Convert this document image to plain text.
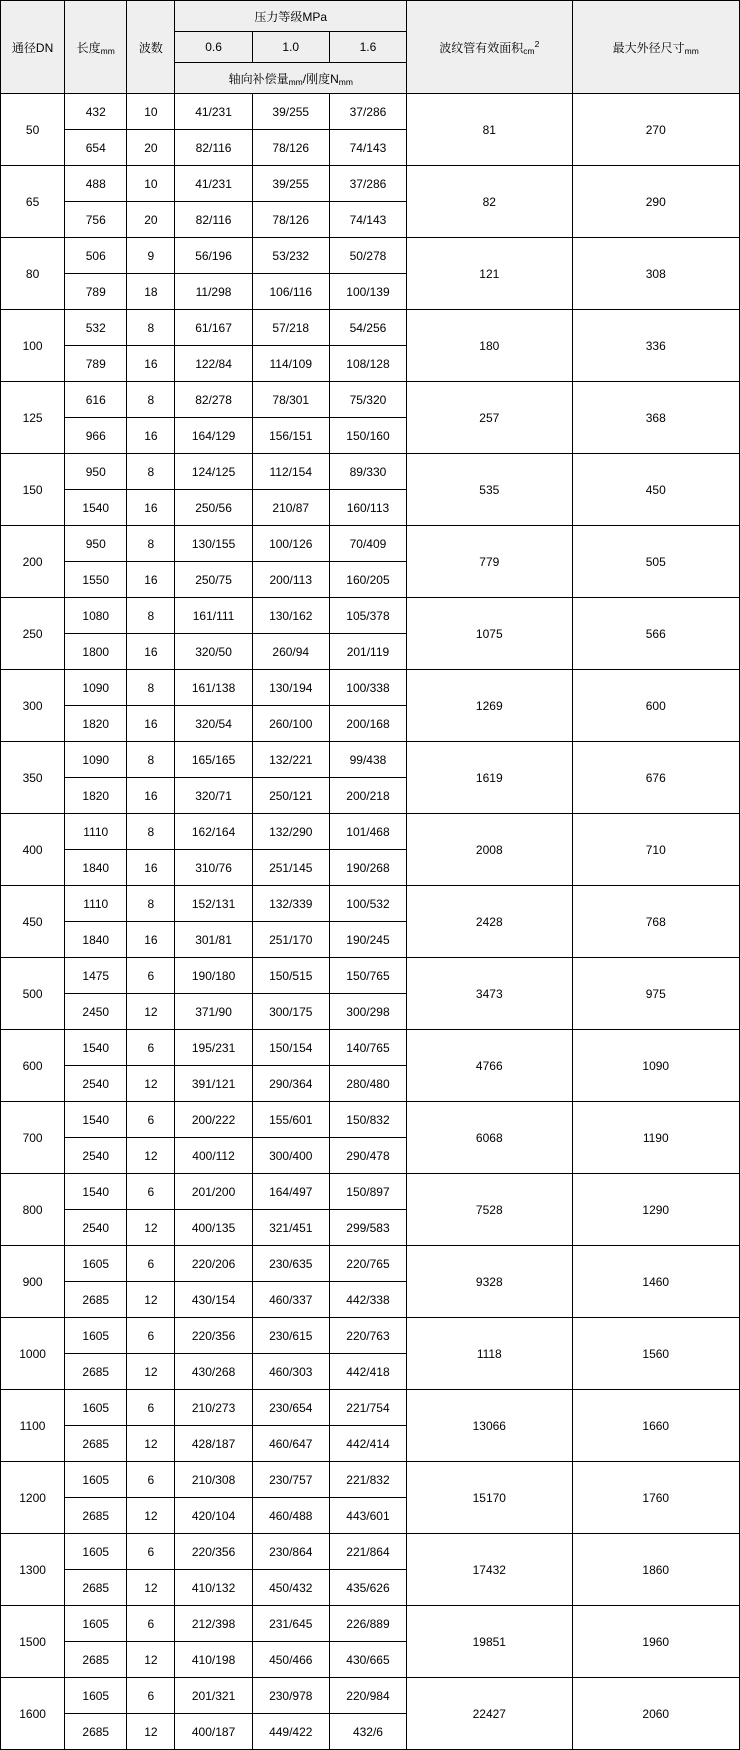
通径DN	长度mm	波数	压力等级MPa			波纹管有效面积$cm^2$	最大外径尺寸mm
			0.6	1.0	1.6		
			轴向补偿量mm/刚度Nmm				
50	432	10	41/231	39/255	37/286	81	270
	654	20	82/116	78/126	74/143		
65	488	10	41/231	39/255	37/286	82	290
	756	20	82/116	78/126	74/143		
80	506	9	56/196	53/232	50/278	121	308
	789	18	11/298	106/116	100/139		
100	532	8	61/167	57/218	54/256	180	336
	789	16	122/84	114/109	108/128		
125	616	8	82/278	78/301	75/320	257	368
	966	16	164/129	156/151	150/160		
150	950	8	124/125	112/154	89/330	535	450
	1540	16	250/56	210/87	160/113		
200	950	8	130/155	100/126	70/409	779	505
	1550	16	250/75	200/113	160/205		
250	1080	8	161/111	130/162	105/378	1075	566
	1800	16	320/50	260/94	201/119		
300	1090	8	161/138	130/194	100/338	1269	600
	1820	16	320/54	260/100	200/168		
350	1090	8	165/165	132/221	99/438	1619	676
	1820	16	320/71	250/121	200/218		
400	1110	8	162/164	132/290	101/468	2008	710
	1840	16	310/76	251/145	190/268		
450	1110	8	152/131	132/339	100/532	2428	768
	1840	16	301/81	251/170	190/245		
500	1475	6	190/180	150/515	150/765	3473	975
	2450	12	371/90	300/175	300/298		
600	1540	6	195/231	150/154	140/765	4766	1090
	2540	12	391/121	290/364	280/480		
700	1540	6	200/222	155/601	150/832	6068	1190
	2540	12	400/112	300/400	290/478		
800	1540	6	201/200	164/497	150/897	7528	1290
	2540	12	400/135	321/451	299/583		
900	1605	6	220/206	230/635	220/765	9328	1460
	2685	12	430/154	460/337	442/338		
1000	1605	6	220/356	230/615	220/763	1118	1560
	2685	12	430/268	460/303	442/418		
1100	1605	6	210/273	230/654	221/754	13066	1660
	2685	12	428/187	460/647	442/414		
1200	1605	6	210/308	230/757	221/832	15170	1760
	2685	12	420/104	460/488	443/601		
1300	1605	6	220/356	230/864	221/864	17432	1860
	2685	12	410/132	450/432	435/626		
1500	1605	6	212/398	231/645	226/889	19851	1960
	2685	12	410/198	450/466	430/665		
1600	1605	6	201/321	230/978	220/984	22427	2060
	2685	12	400/187	449/422	432/6		
